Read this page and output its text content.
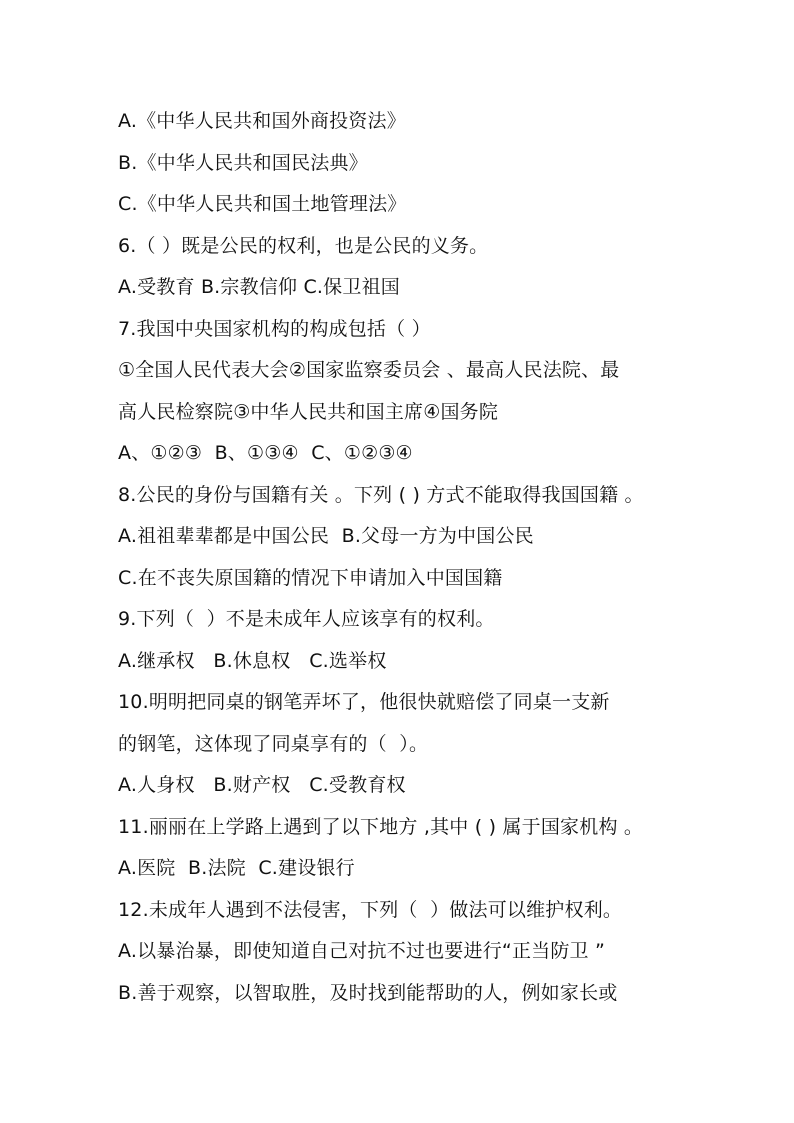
A.《中华人民共和国外商投资法》
B.《中华人民共和国民法典》
C.《中华人民共和国土地管理法》
6.（ ）既是公民的权利，也是公民的义务。
A.受教育 B.宗教信仰 C.保卫祖国
7.我国中央国家机构的构成包括（ ）
①全国人民代表大会②国家监察委员会 、最高人民法院、最
高人民检察院③中华人民共和国主席④国务院
A、①②③  B、①③④  C、①②③④
8.公民的身份与国籍有关 。下列 ( ) 方式不能取得我国国籍 。
A.祖祖辈辈都是中国公民  B.父母一方为中国公民
C.在不丧失原国籍的情况下申请加入中国国籍
9.下列（  ）不是未成年人应该享有的权利。
A.继承权   B.休息权   C.选举权
10.明明把同桌的钢笔弄坏了，他很快就赔偿了同桌一支新
的钢笔，这体现了同桌享有的（  ）。
A.人身权   B.财产权   C.受教育权
11.丽丽在上学路上遇到了以下地方 ,其中 ( ) 属于国家机构 。
A.医院  B.法院  C.建设银行
12.未成年人遇到不法侵害，下列（  ）做法可以维护权利。
A.以暴治暴，即使知道自己对抗不过也要进行“正当防卫 ”
B.善于观察，以智取胜，及时找到能帮助的人，例如家长或
